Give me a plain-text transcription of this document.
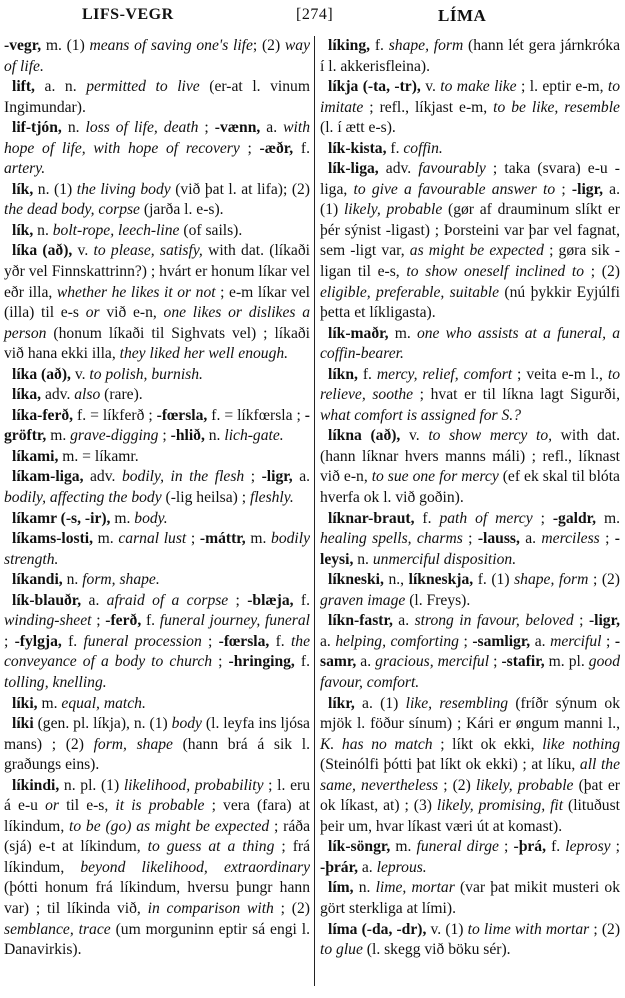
LIFS-VEGR	[274]	LÍMA

-vegr, m. (1) means of saving one's life; (2) way of life.

lift, a. n. permitted to live (er-at l. vinum Ingimundar).

lif-tjón, n. loss of life, death ; -vænn, a. with hope of life, with hope of recovery ; -æðr, f. artery.

lík, n. (1) the living body (við þat l. at lifa); (2) the dead body, corpse (jarða l. e-s).

lík, n. bolt-rope, leech-line (of sails).

líka (að), v. to please, satisfy, with dat. (líkaði yðr vel Finnskattrinn?) ; hvárt er honum líkar vel eðr illa, whether he likes it or not ; e-m líkar vel (illa) til e-s or við e-n, one likes or dislikes a person (honum líkaði til Sighvats vel) ; líkaði við hana ekki illa, they liked her well enough.

líka (að), v. to polish, burnish.

líka, adv. also (rare).

líka-ferð, f. = líkferð ; -fœrsla, f. = líkfœrsla ; -gröftr, m. grave-digging ; -hlið, n. lich-gate.

líkami, m. = líkamr.

líkam-liga, adv. bodily, in the flesh ; -ligr, a. bodily, affecting the body (-lig heilsa) ; fleshly.

líkamr (-s, -ir), m. body.

líkams-losti, m. carnal lust ; -máttr, m. bodily strength.

líkandi, n. form, shape.

lík-blauðr, a. afraid of a corpse ; -blæja, f. winding-sheet ; -ferð, f. funeral journey, funeral ; -fylgja, f. funeral procession ; -fœrsla, f. the conveyance of a body to church ; -hringing, f. tolling, knelling.

líki, m. equal, match.

líki (gen. pl. líkja), n. (1) body (l. leyfa ins ljósa mans) ; (2) form, shape (hann brá á sik l. graðungs eins).

líkindi, n. pl. (1) likelihood, probability ; l. eru á e-u or til e-s, it is probable ; vera (fara) at líkindum, to be (go) as might be expected ; ráða (sjá) e-t at líkindum, to guess at a thing ; frá líkindum, beyond likelihood, extraordinary (þótti honum frá líkindum, hversu þungr hann var) ; til líkinda við, in comparison with ; (2) semblance, trace (um morguninn eptir sá engi l. Danavirkis).

líking, f. shape, form (hann lét gera járnkróka í l. akkerisfleina).

líkja (-ta, -tr), v. to make like ; l. eptir e-m, to imitate ; refl., líkjast e-m, to be like, resemble (l. í ætt e-s).

lík-kista, f. coffin.

lík-liga, adv. favourably ; taka (svara) e-u -liga, to give a favourable answer to ; -ligr, a. (1) likely, probable (gør af drauminum slíkt er þér sýnist -ligast) ; Þorsteini var þar vel fagnat, sem -ligt var, as might be expected ; gøra sik -ligan til e-s, to show oneself inclined to ; (2) eligible, preferable, suitable (nú þykkir Eyjúlfi þetta et líkligasta).

lík-maðr, m. one who assists at a funeral, a coffin-bearer.

líkn, f. mercy, relief, comfort ; veita e-m l., to relieve, soothe ; hvat er til líkna lagt Sigurði, what comfort is assigned for S.?

líkna (að), v. to show mercy to, with dat. (hann líknar hvers manns máli) ; refl., líknast við e-n, to sue one for mercy (ef ek skal til blóta hverfa ok l. við goðin).

líknar-braut, f. path of mercy ; -galdr, m. healing spells, charms ; -lauss, a. merciless ; -leysi, n. unmerciful disposition.

líkneski, n., líkneskja, f. (1) shape, form ; (2) graven image (l. Freys).

líkn-fastr, a. strong in favour, beloved ; -ligr, a. helping, comforting ; -samligr, a. merciful ; -samr, a. gracious, merciful ; -stafir, m. pl. good favour, comfort.

líkr, a. (1) like, resembling (fríðr sýnum ok mjök l. föður sínum) ; Kári er øngum manni l., K. has no match ; líkt ok ekki, like nothing (Steinólfi þótti þat líkt ok ekki) ; at líku, all the same, nevertheless ; (2) likely, probable (þat er ok líkast, at) ; (3) likely, promising, fit (lituðust þeir um, hvar líkast væri út at komast).

lík-söngr, m. funeral dirge ; -þrá, f. leprosy ; -þrár, a. leprous.

lím, n. lime, mortar (var þat mikit musteri ok gört sterkliga at lími).

líma (-da, -dr), v. (1) to lime with mortar ; (2) to glue (l. skegg við böku sér).
